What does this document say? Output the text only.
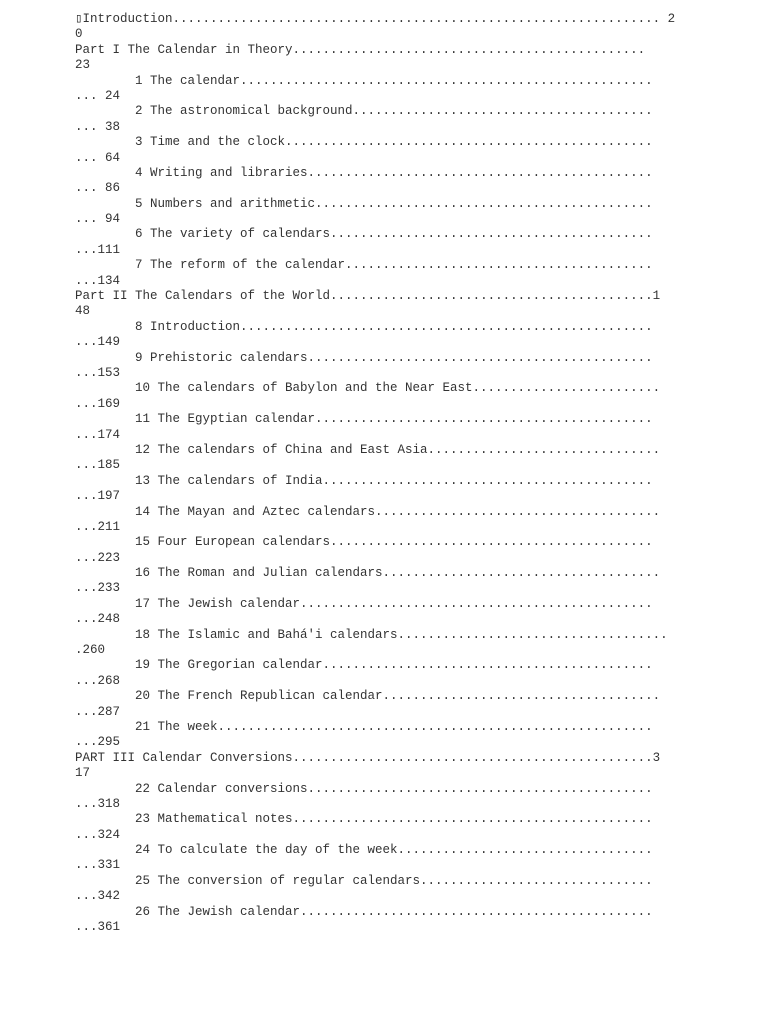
▯Introduction................................................................. 2
0
Part I The Calendar in Theory...............................................
23
1 The calendar.......................................................
... 24
2 The astronomical background........................................
... 38
3 Time and the clock.................................................
... 64
4 Writing and libraries..............................................
... 86
5 Numbers and arithmetic.............................................
... 94
6 The variety of calendars...........................................
...111
7 The reform of the calendar.........................................
...134
Part II The Calendars of the World...........................................1
48
8 Introduction.......................................................
...149
9 Prehistoric calendars..............................................
...153
10 The calendars of Babylon and the Near East.........................
...169
11 The Egyptian calendar.............................................
...174
12 The calendars of China and East Asia...............................
...185
13 The calendars of India............................................
...197
14 The Mayan and Aztec calendars......................................
...211
15 Four European calendars...........................................
...223
16 The Roman and Julian calendars.....................................
...233
17 The Jewish calendar...............................................
...248
18 The Islamic and Bahá'i calendars....................................
.260
19 The Gregorian calendar............................................
...268
20 The French Republican calendar.....................................
...287
21 The week..........................................................
...295
PART III Calendar Conversions................................................3
17
22 Calendar conversions..............................................
...318
23 Mathematical notes................................................
...324
24 To calculate the day of the week..................................
...331
25 The conversion of regular calendars...............................
...342
26 The Jewish calendar...............................................
...361
